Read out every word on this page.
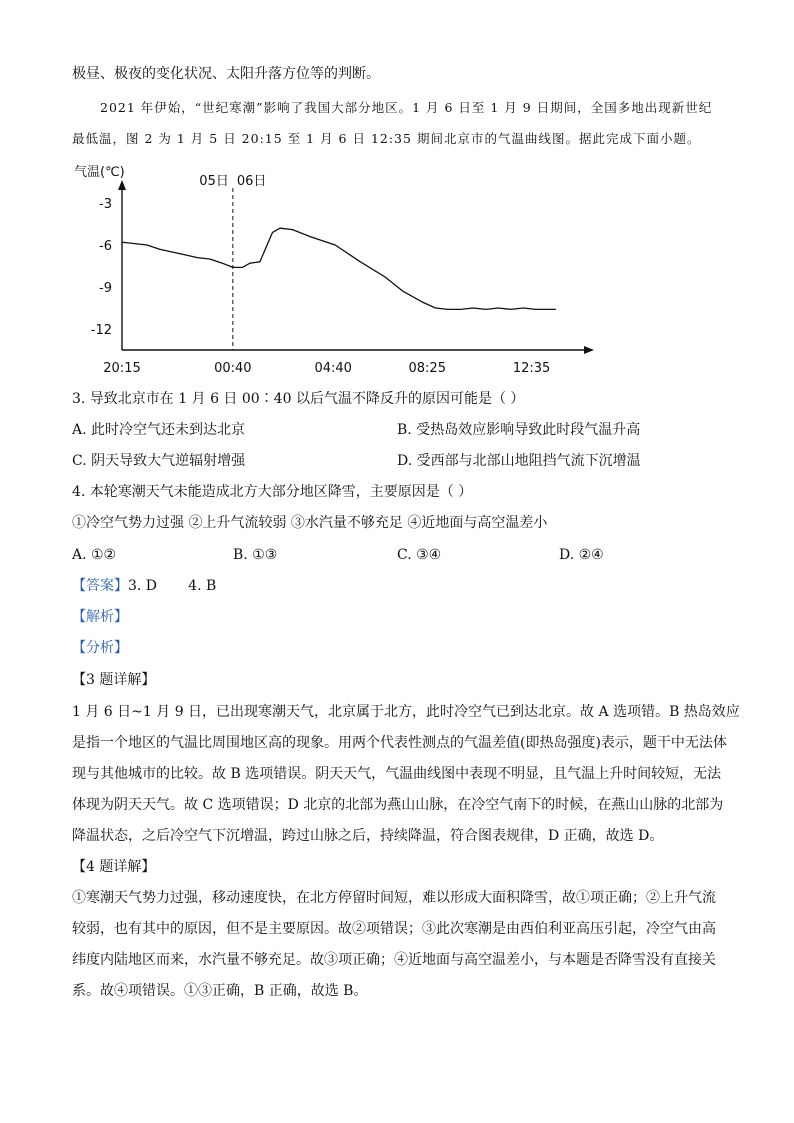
极昼、极夜的变化状况、太阳升落方位等的判断。
2021 年伊始，“世纪寒潮”影响了我国大部分地区。1 月 6 日至 1 月 9 日期间，全国多地出现新世纪
最低温，图 2 为 1 月 5 日 20:15 至 1 月 6 日 12:35 期间北京市的气温曲线图。据此完成下面小题。
-3
-6
-9
-12
20:15	00:40	04:40	08:25	12:35
05日 06日
气温(℃)
3. 导致北京市在 1 月 6 日 00∶40 以后气温不降反升的原因可能是（ ）
A. 此时冷空气还未到达北京	B. 受热岛效应影响导致此时段气温升高
C. 阴天导致大气逆辐射增强	D. 受西部与北部山地阻挡气流下沉增温
4. 本轮寒潮天气未能造成北方大部分地区降雪，主要原因是（ ）
①冷空气势力过强 ②上升气流较弱 ③水汽量不够充足 ④近地面与高空温差小
A. ①②	B. ①③	C. ③④	D. ②④
【答案】3. D       4. B
【解析】
【分析】
【3 题详解】
1 月 6 日~1 月 9 日，已出现寒潮天气，北京属于北方，此时冷空气已到达北京。故 A 选项错。B 热岛效应
是指一个地区的气温比周围地区高的现象。用两个代表性测点的气温差值(即热岛强度)表示，题干中无法体
现与其他城市的比较。故 B 选项错误。阴天天气，气温曲线图中表现不明显，且气温上升时间较短，无法
体现为阴天天气。故 C 选项错误；D 北京的北部为燕山山脉，在冷空气南下的时候，在燕山山脉的北部为
降温状态，之后冷空气下沉增温，跨过山脉之后，持续降温，符合图表规律，D 正确，故选 D。
【4 题详解】
①寒潮天气势力过强，移动速度快，在北方停留时间短，难以形成大面积降雪，故①项正确；②上升气流
较弱，也有其中的原因，但不是主要原因。故②项错误；③此次寒潮是由西伯利亚高压引起，冷空气由高
纬度内陆地区而来，水汽量不够充足。故③项正确；④近地面与高空温差小，与本题是否降雪没有直接关
系。故④项错误。①③正确，B 正确，故选 B。
